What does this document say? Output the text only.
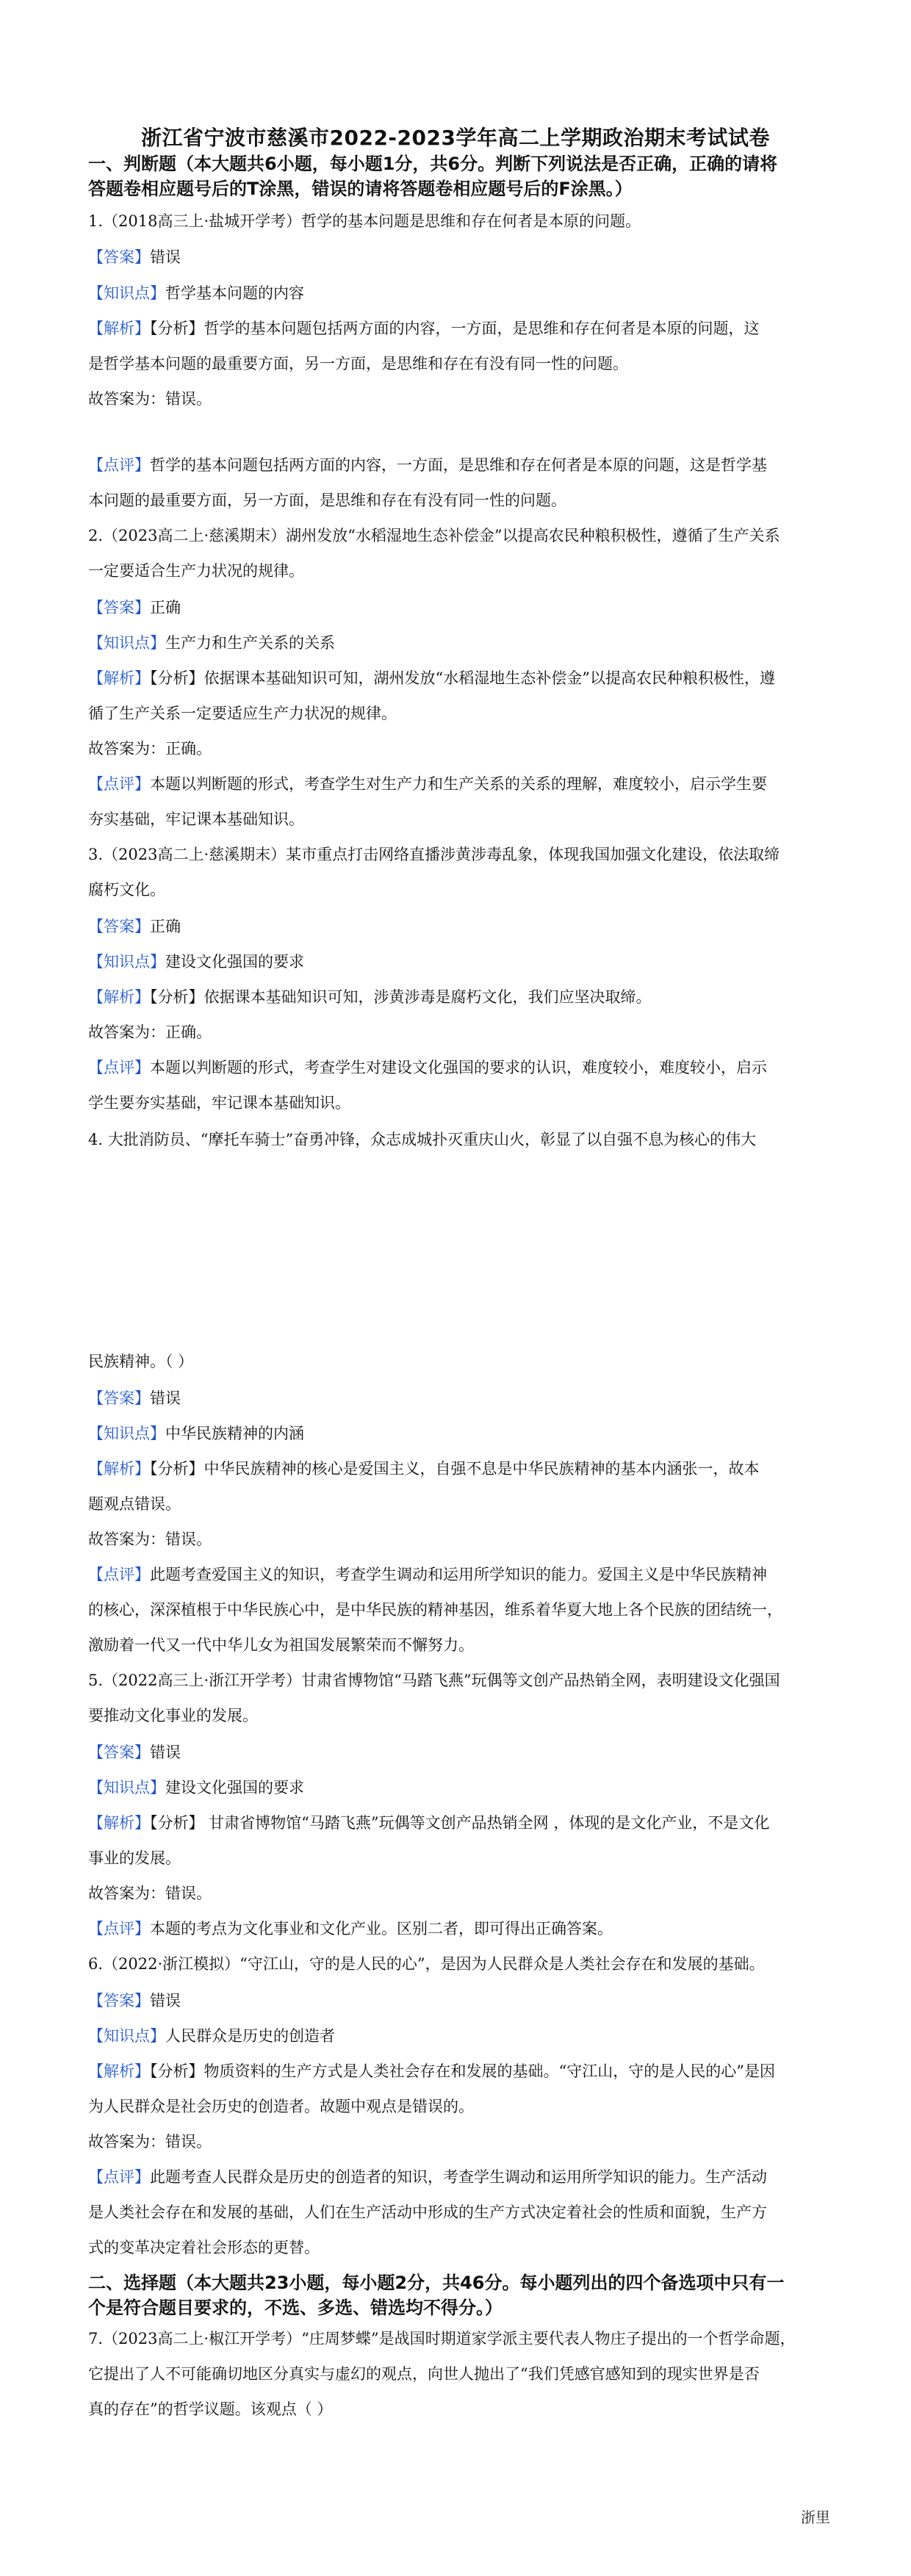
浙江省宁波市慈溪市2022-2023学年高二上学期政治期末考试试卷
一、判断题（本大题共6小题，每小题1分，共6分。判断下列说法是否正确，正确的请将
答题卷相应题号后的T涂黑，错误的请将答题卷相应题号后的F涂黑。）
1.（2018高三上·盐城开学考）哲学的基本问题是思维和存在何者是本原的问题。
【答案】错误
【知识点】哲学基本问题的内容
【解析】【分析】哲学的基本问题包括两方面的内容，一方面，是思维和存在何者是本原的问题，这
是哲学基本问题的最重要方面，另一方面，是思维和存在有没有同一性的问题。
故答案为：错误。
【点评】哲学的基本问题包括两方面的内容，一方面，是思维和存在何者是本原的问题，这是哲学基
本问题的最重要方面，另一方面，是思维和存在有没有同一性的问题。
2.（2023高二上·慈溪期末）湖州发放“水稻湿地生态补偿金”以提高农民种粮积极性，遵循了生产关系
一定要适合生产力状况的规律。
【答案】正确
【知识点】生产力和生产关系的关系
【解析】【分析】依据课本基础知识可知，湖州发放“水稻湿地生态补偿金”以提高农民种粮积极性，遵
循了生产关系一定要适应生产力状况的规律。
故答案为：正确。
【点评】本题以判断题的形式，考查学生对生产力和生产关系的关系的理解，难度较小，启示学生要
夯实基础，牢记课本基础知识。
3.（2023高二上·慈溪期末）某市重点打击网络直播涉黄涉毒乱象，体现我国加强文化建设，依法取缔
腐朽文化。
【答案】正确
【知识点】建设文化强国的要求
【解析】【分析】依据课本基础知识可知，涉黄涉毒是腐朽文化，我们应坚决取缔。
故答案为：正确。
【点评】本题以判断题的形式，考查学生对建设文化强国的要求的认识，难度较小，难度较小，启示
学生要夯实基础，牢记课本基础知识。
4. 大批消防员、“摩托车骑士”奋勇冲锋，众志成城扑灭重庆山火，彰显了以自强不息为核心的伟大
民族精神。（ ）
【答案】错误
【知识点】中华民族精神的内涵
【解析】【分析】中华民族精神的核心是爱国主义，自强不息是中华民族精神的基本内涵张一，故本
题观点错误。
故答案为：错误。
【点评】此题考查爱国主义的知识，考查学生调动和运用所学知识的能力。爱国主义是中华民族精神
的核心，深深植根于中华民族心中，是中华民族的精神基因，维系着华夏大地上各个民族的团结统一，
激励着一代又一代中华儿女为祖国发展繁荣而不懈努力。
5.（2022高三上·浙江开学考）甘肃省博物馆“马踏飞燕”玩偶等文创产品热销全网，表明建设文化强国
要推动文化事业的发展。
【答案】错误
【知识点】建设文化强国的要求
【解析】【分析】 甘肃省博物馆“马踏飞燕”玩偶等文创产品热销全网 ，体现的是文化产业，不是文化
事业的发展。
故答案为：错误。
【点评】本题的考点为文化事业和文化产业。区别二者，即可得出正确答案。
6.（2022·浙江模拟）“守江山，守的是人民的心”，是因为人民群众是人类社会存在和发展的基础。
【答案】错误
【知识点】人民群众是历史的创造者
【解析】【分析】物质资料的生产方式是人类社会存在和发展的基础。“守江山，守的是人民的心”是因
为人民群众是社会历史的创造者。故题中观点是错误的。
故答案为：错误。
【点评】此题考查人民群众是历史的创造者的知识，考查学生调动和运用所学知识的能力。生产活动
是人类社会存在和发展的基础，人们在生产活动中形成的生产方式决定着社会的性质和面貌，生产方
式的变革决定着社会形态的更替。
二、选择题（本大题共23小题，每小题2分，共46分。每小题列出的四个备选项中只有一
个是符合题目要求的，不选、多选、错选均不得分。）
7.（2023高二上·椒江开学考）“庄周梦蝶”是战国时期道家学派主要代表人物庄子提出的一个哲学命题，
它提出了人不可能确切地区分真实与虚幻的观点，向世人抛出了“我们凭感官感知到的现实世界是否
真的存在”的哲学议题。该观点（ ）
浙里
